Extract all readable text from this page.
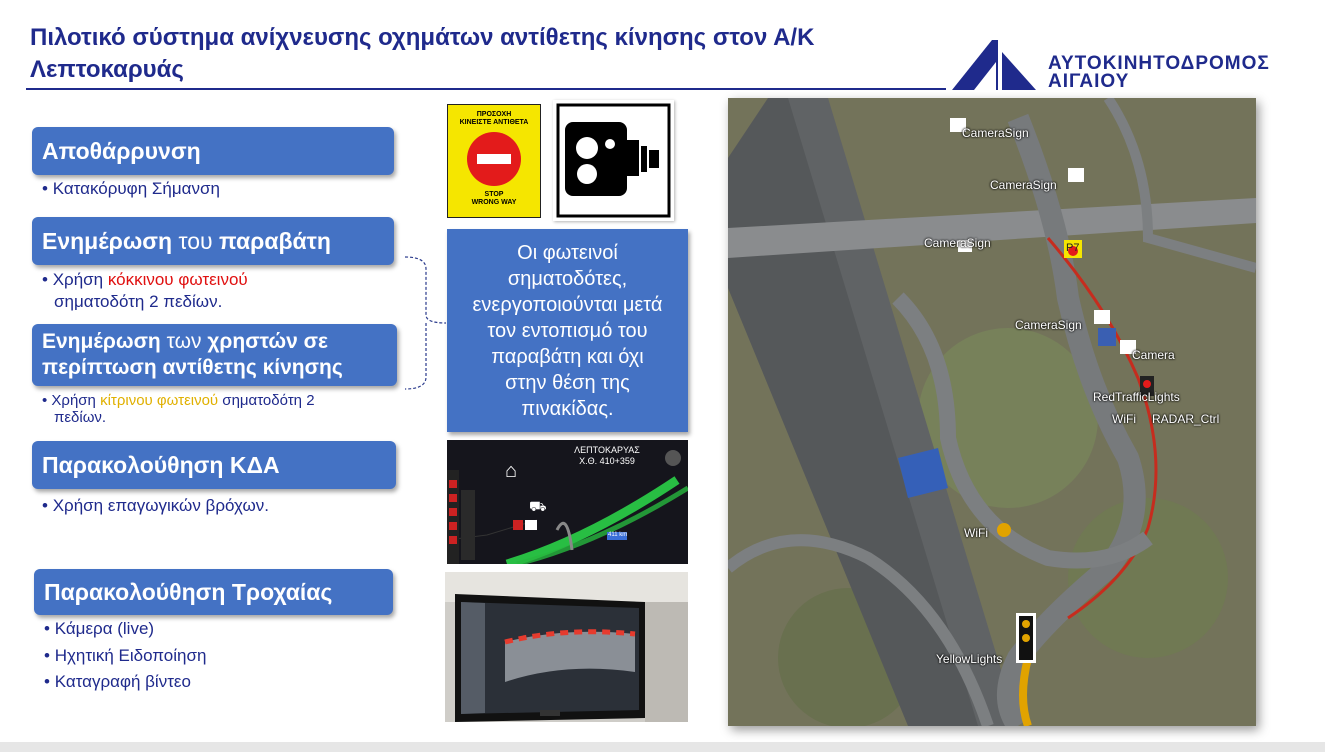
Πιλοτικό σύστημα ανίχνευσης οχημάτων αντίθετης κίνησης στον Α/Κ Λεπτοκαρυάς	ΑΥΤΟΚΙΝΗΤΟΔΡΟΜΟΣ
ΑΙΓΑΙΟΥ
Αποθάρρυνση
• Κατακόρυφη Σήμανση
Ενημέρωση του παραβάτη
• Χρήση κόκκινου φωτεινού
σηματοδότη 2 πεδίων.
Ενημέρωση των χρηστών σε
περίπτωση αντίθετης κίνησης
• Χρήση κίτρινου φωτεινού σηματοδότη 2
πεδίων.
Παρακολούθηση ΚΔΑ
• Χρήση επαγωγικών βρόχων.
Παρακολούθηση Τροχαίας
• Κάμερα (live)
• Ηχητική Ειδοποίηση
• Καταγραφή βίντεο
ΠΡΟΣΟΧΗ
ΚΙΝΕΙΣΤΕ ΑΝΤΙΘΕΤΑ
STOP
WRONG WAY
Οι φωτεινοί
σηματοδότες,
ενεργοποιούνται μετά
τον εντοπισμό του
παραβάτη και όχι
στην θέση της
πινακίδας.
⌂
⛟
ΛΕΠΤΟΚΑΡΥΑΣ
Χ.Θ. 410+359
411 km
CameraSign
CameraSign
CameraSign	P7
CameraSign
Camera
RedTrafficLights
WiFi RADAR_Ctrl
WiFi
YellowLights
